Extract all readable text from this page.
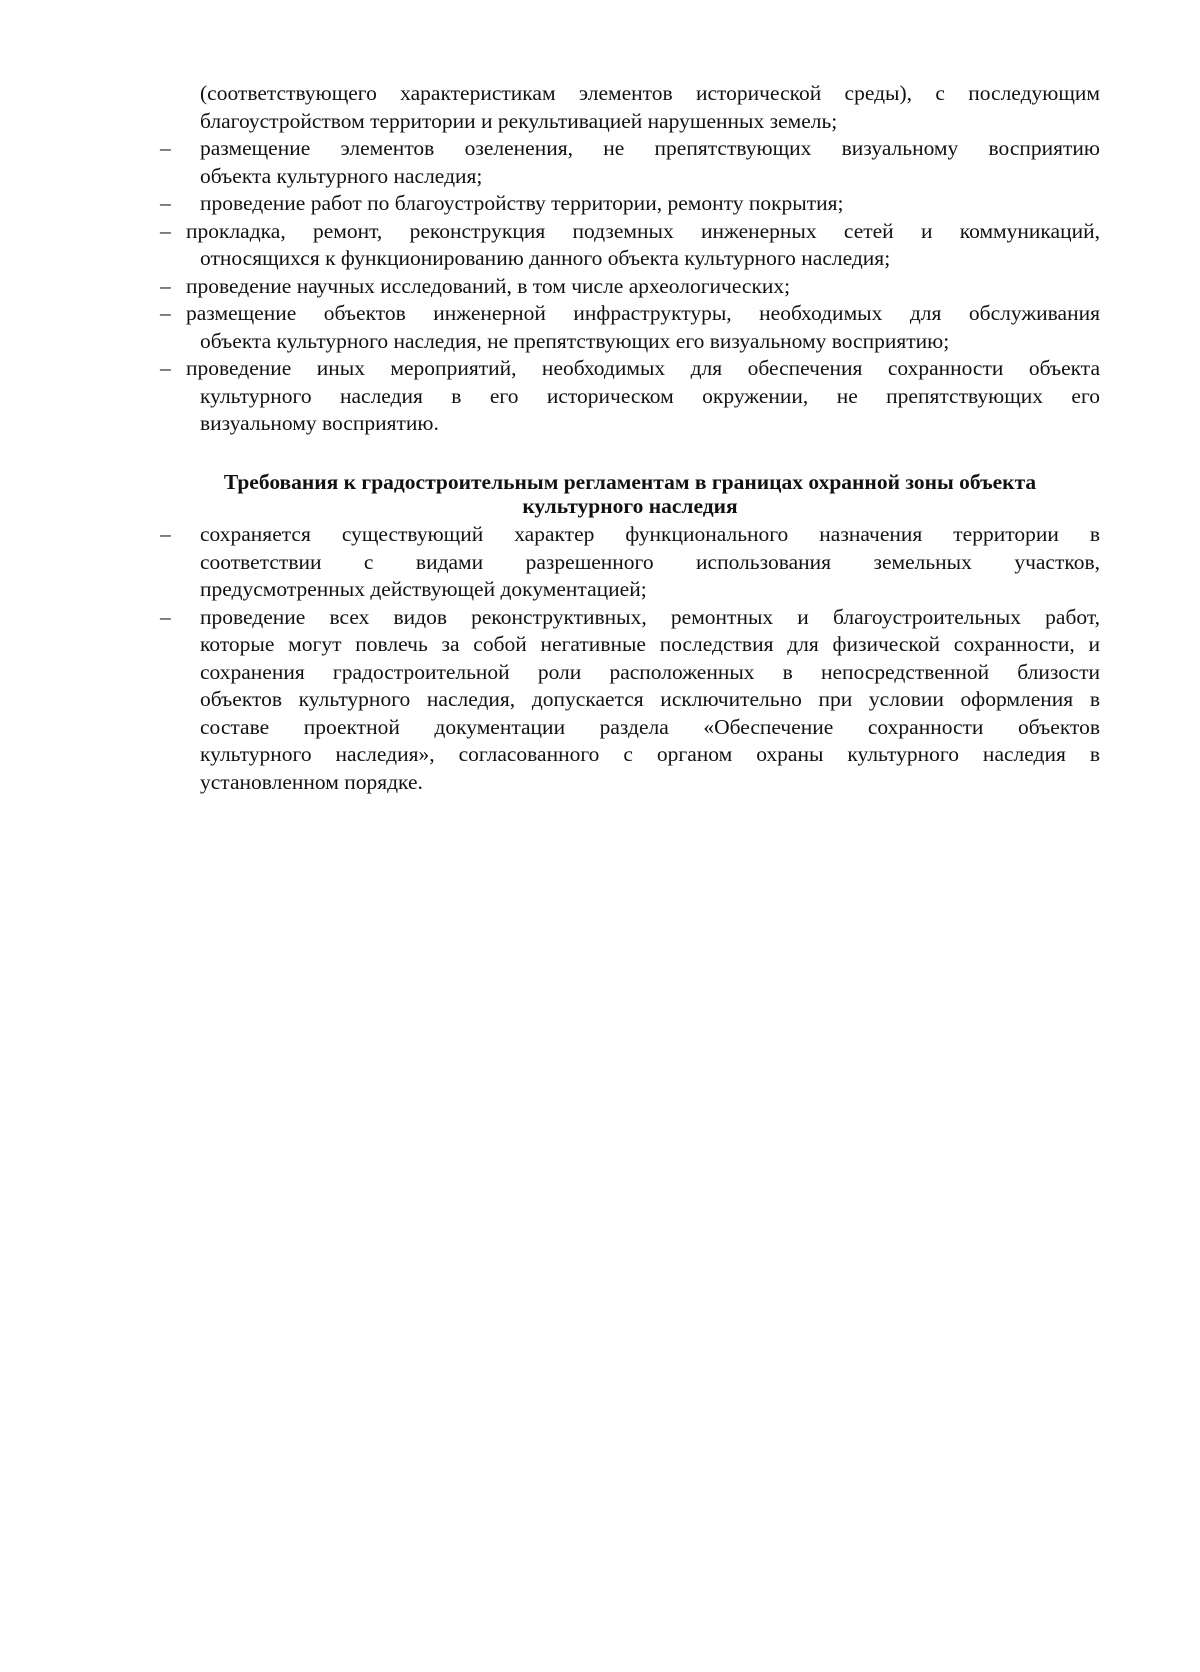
(соответствующего характеристикам элементов исторической среды), с последующим
благоустройством территории и рекультивацией нарушенных земель;
–	размещение элементов озеленения, не препятствующих визуальному восприятию
объекта культурного наследия;
–	проведение работ по благоустройству территории, ремонту покрытия;
– прокладка, ремонт, реконструкция подземных инженерных сетей и коммуникаций,
относящихся к функционированию данного объекта культурного наследия;
– проведение научных исследований, в том числе археологических;
– размещение объектов инженерной инфраструктуры, необходимых для обслуживания
объекта культурного наследия, не препятствующих его визуальному восприятию;
– проведение иных мероприятий, необходимых для обеспечения сохранности объекта
культурного наследия в его историческом окружении, не препятствующих его
визуальному восприятию.
Требования к градостроительным регламентам в границах охранной зоны объекта
культурного наследия
–	сохраняется существующий характер функционального назначения территории в
соответствии с видами разрешенного использования земельных участков,
предусмотренных действующей документацией;
–	проведение всех видов реконструктивных, ремонтных и благоустроительных работ,
которые могут повлечь за собой негативные последствия для физической сохранности, и
сохранения градостроительной роли расположенных в непосредственной близости
объектов культурного наследия, допускается исключительно при условии оформления в
составе проектной документации раздела «Обеспечение сохранности объектов
культурного наследия», согласованного с органом охраны культурного наследия в
установленном порядке.
